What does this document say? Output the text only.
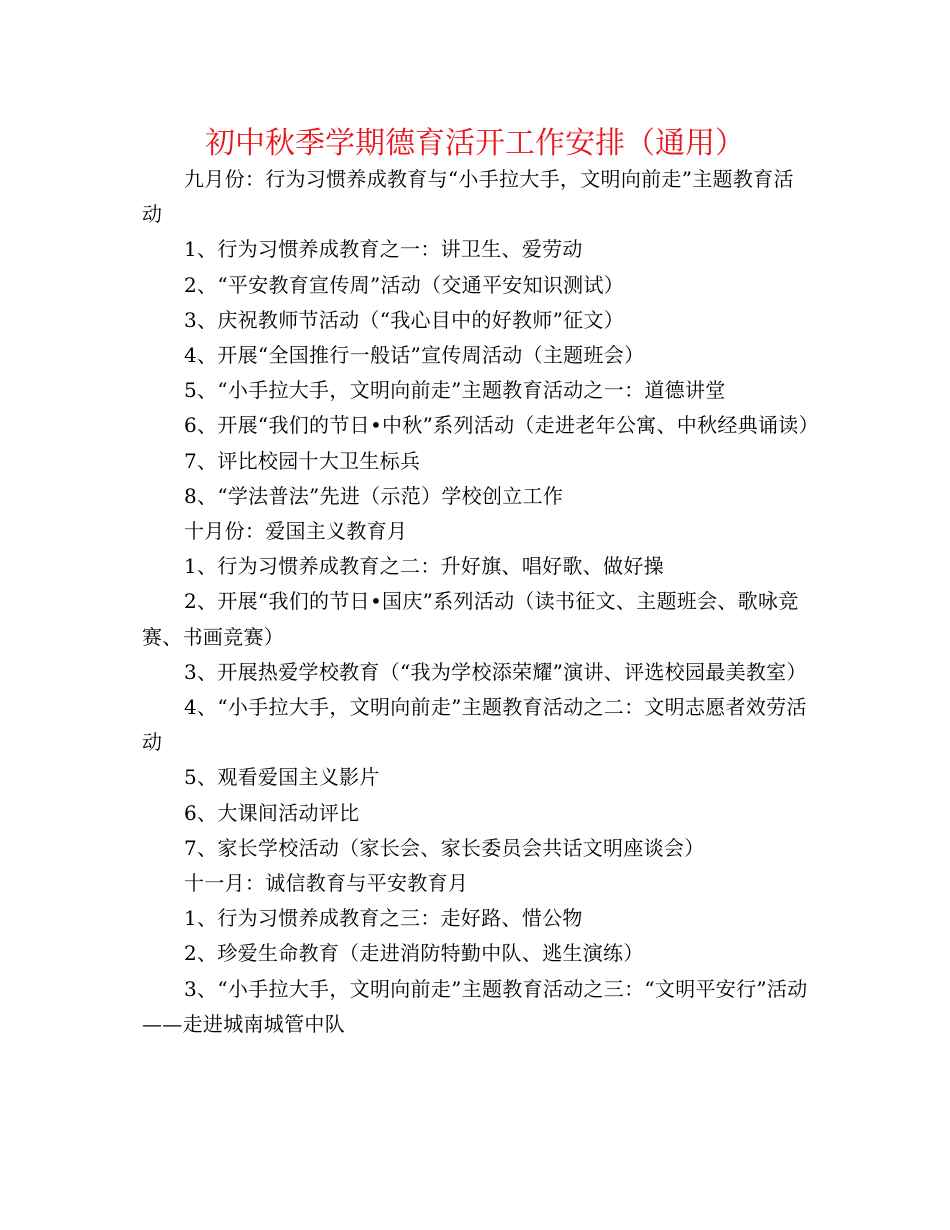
初中秋季学期德育活开工作安排（通用）

九月份：行为习惯养成教育与“小手拉大手，文明向前走”主题教育活动

1、行为习惯养成教育之一：讲卫生、爱劳动

2、“平安教育宣传周”活动（交通平安知识测试）

3、庆祝教师节活动（“我心目中的好教师”征文）

4、开展“全国推行一般话”宣传周活动（主题班会）

5、“小手拉大手，文明向前走”主题教育活动之一：道德讲堂

6、开展“我们的节日•中秋”系列活动（走进老年公寓、中秋经典诵读）

7、评比校园十大卫生标兵

8、“学法普法”先进（示范）学校创立工作

十月份：爱国主义教育月

1、行为习惯养成教育之二：升好旗、唱好歌、做好操

2、开展“我们的节日•国庆”系列活动（读书征文、主题班会、歌咏竞赛、书画竞赛）

3、开展热爱学校教育（“我为学校添荣耀”演讲、评选校园最美教室）

4、“小手拉大手，文明向前走”主题教育活动之二：文明志愿者效劳活动

5、观看爱国主义影片

6、大课间活动评比

7、家长学校活动（家长会、家长委员会共话文明座谈会）

十一月：诚信教育与平安教育月

1、行为习惯养成教育之三：走好路、惜公物

2、珍爱生命教育（走进消防特勤中队、逃生演练）

3、“小手拉大手，文明向前走”主题教育活动之三：“文明平安行”活动——走进城南城管中队
